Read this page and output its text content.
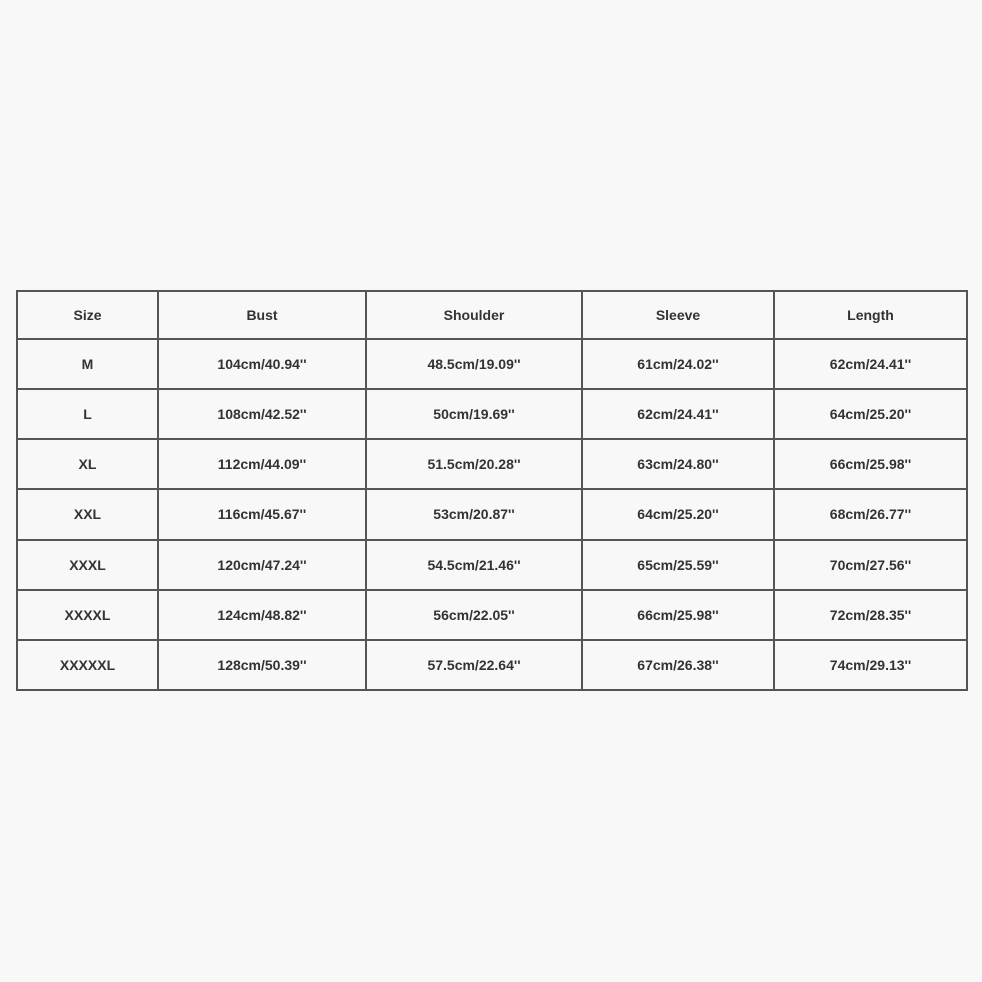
Size	Bust	Shoulder	Sleeve	Length
M	104cm/40.94''	48.5cm/19.09''	61cm/24.02''	62cm/24.41''
L	108cm/42.52''	50cm/19.69''	62cm/24.41''	64cm/25.20''
XL	112cm/44.09''	51.5cm/20.28''	63cm/24.80''	66cm/25.98''
XXL	116cm/45.67''	53cm/20.87''	64cm/25.20''	68cm/26.77''
XXXL	120cm/47.24''	54.5cm/21.46''	65cm/25.59''	70cm/27.56''
XXXXL	124cm/48.82''	56cm/22.05''	66cm/25.98''	72cm/28.35''
XXXXXL	128cm/50.39''	57.5cm/22.64''	67cm/26.38''	74cm/29.13''
